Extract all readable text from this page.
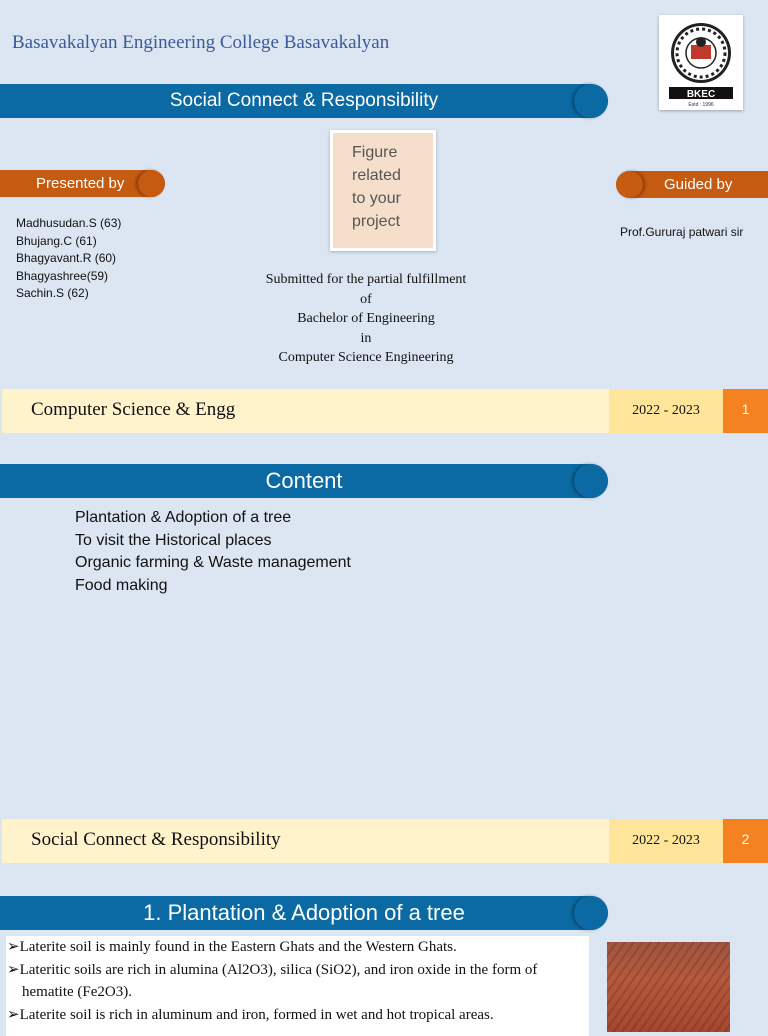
Basavakalyan Engineering College Basavakalyan
BKEC
Estd : 1996
Social Connect & Responsibility
Presented by
Madhusudan.S (63)
Bhujang.C (61)
Bhagyavant.R (60)
Bhagyashree(59)
Sachin.S (62)
Figure
related
to your
project
Guided by
Prof.Gururaj patwari sir
Submitted for the partial fulfillment
of
Bachelor of Engineering
in
Computer Science Engineering
Computer Science & Engg	2022 - 2023	1
Content
Plantation & Adoption of a tree
To visit the Historical places
Organic farming & Waste management
Food making
Social Connect & Responsibility	2022 - 2023	2
1. Plantation & Adoption of a tree

➢Laterite soil is mainly found in the Eastern Ghats and the Western Ghats.

➢Lateritic soils are rich in alumina (Al2O3), silica (SiO2), and iron oxide in the form of

hematite (Fe2O3).

➢Laterite soil is rich in aluminum and iron, formed in wet and hot tropical areas.
